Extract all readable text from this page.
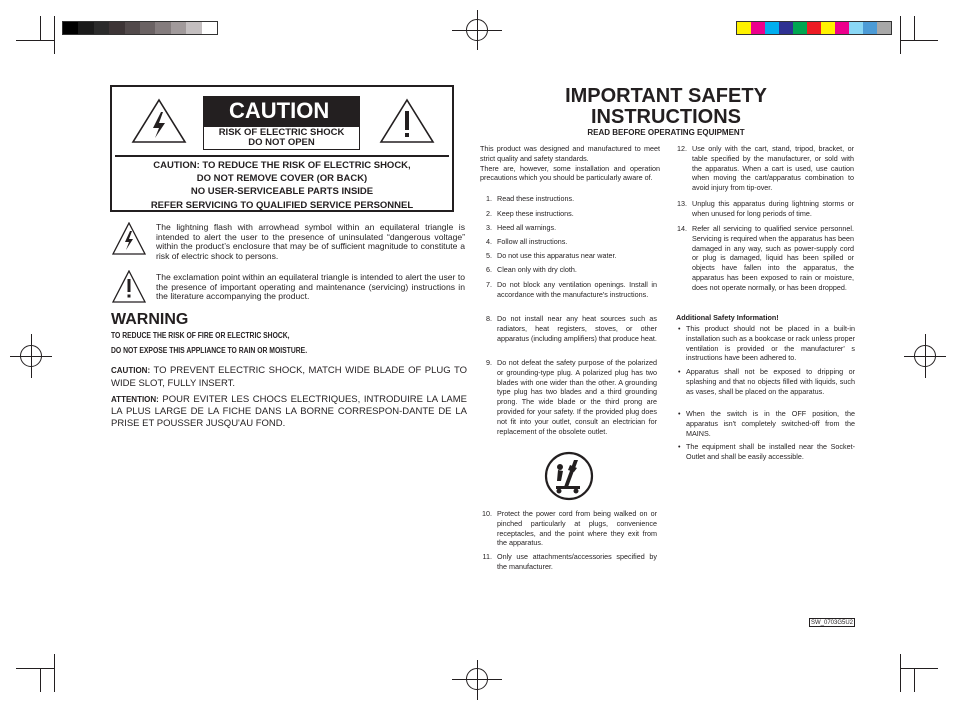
CAUTION
RISK OF ELECTRIC SHOCK
DO NOT OPEN
CAUTION: TO REDUCE THE RISK OF ELECTRIC SHOCK,
DO NOT REMOVE COVER (OR BACK)
NO USER-SERVICEABLE PARTS INSIDE
REFER SERVICING TO QUALIFIED SERVICE PERSONNEL
The lightning flash with arrowhead symbol within an equilateral triangle is intended to alert the user to the presence of uninsulated “dangerous voltage” within the product’s enclosure that may be of sufficient magnitude to constitute a risk of electric shock to persons.
The exclamation point within an equilateral triangle is intended to alert the user to the presence of important operating and maintenance (servicing) instructions in the literature accompanying the product.
WARNING
TO REDUCE THE RISK OF FIRE OR ELECTRIC SHOCK,
DO NOT EXPOSE THIS APPLIANCE TO RAIN OR MOISTURE.
CAUTION: TO PREVENT ELECTRIC SHOCK, MATCH WIDE BLADE OF PLUG TO WIDE SLOT, FULLY INSERT.
ATTENTION: POUR EVITER LES CHOCS ELECTRIQUES, INTRODUIRE LA LAME LA PLUS LARGE DE LA FICHE DANS LA BORNE CORRESPON-DANTE DE LA PRISE ET POUSSER JUSQU'AU FOND.
IMPORTANT SAFETY
INSTRUCTIONS
READ BEFORE OPERATING EQUIPMENT
This product was designed and manufactured to meet strict quality and safety standards.
There are, however, some installation and operation precautions which you should be particularly aware of.
1. Read these instructions.
2. Keep these instructions.
3. Heed all warnings.
4. Follow all instructions.
5. Do not use this apparatus near water.
6. Clean only with dry cloth.
7. Do not block any ventilation openings. Install in accordance with the manufacture's instructions.
8. Do not install near any heat sources such as radiators, heat registers, stoves, or other apparatus (including amplifiers) that produce heat.
9. Do not defeat the safety purpose of the polarized or grounding-type plug. A polarized plug has two blades with one wider than the other. A grounding type plug has two blades and a third grounding prong. The wide blade or the third prong are provided for your safety. If the provided plug does not fit into your outlet, consult an electrician for replacement of the obsolete outlet.
10. Protect the power cord from being walked on or pinched particularly at plugs, convenience receptacles, and the point where they exit from the apparatus.
11. Only use attachments/accessories specified by the manufacturer.
12. Use only with the cart, stand, tripod, bracket, or table specified by the manufacturer, or sold with the apparatus. When a cart is used, use caution when moving the cart/apparatus combination to avoid injury from tip-over.
13. Unplug this apparatus during lightning storms or when unused for long periods of time.
14. Refer all servicing to qualified service personnel. Servicing is required when the apparatus has been damaged in any way, such as power-supply cord or plug is damaged, liquid has been spilled or objects have fallen into the apparatus, the apparatus has been exposed to rain or moisture, does not operate normally, or has been dropped.
Additional Safety Information!
• This product should not be placed in a built-in installation such as a bookcase or rack unless proper ventilation is provided or the manufacturer' s instructions have been adhered to.
• Apparatus shall not be exposed to dripping or splashing and that no objects filled with liquids, such as vases, shall be placed on the apparatus.
• When the switch is in the OFF position, the apparatus isn't completely switched-off from the MAINS.
• The equipment shall be installed near the Socket-Outlet and shall be easily accessible.
SW_0703G5U2
